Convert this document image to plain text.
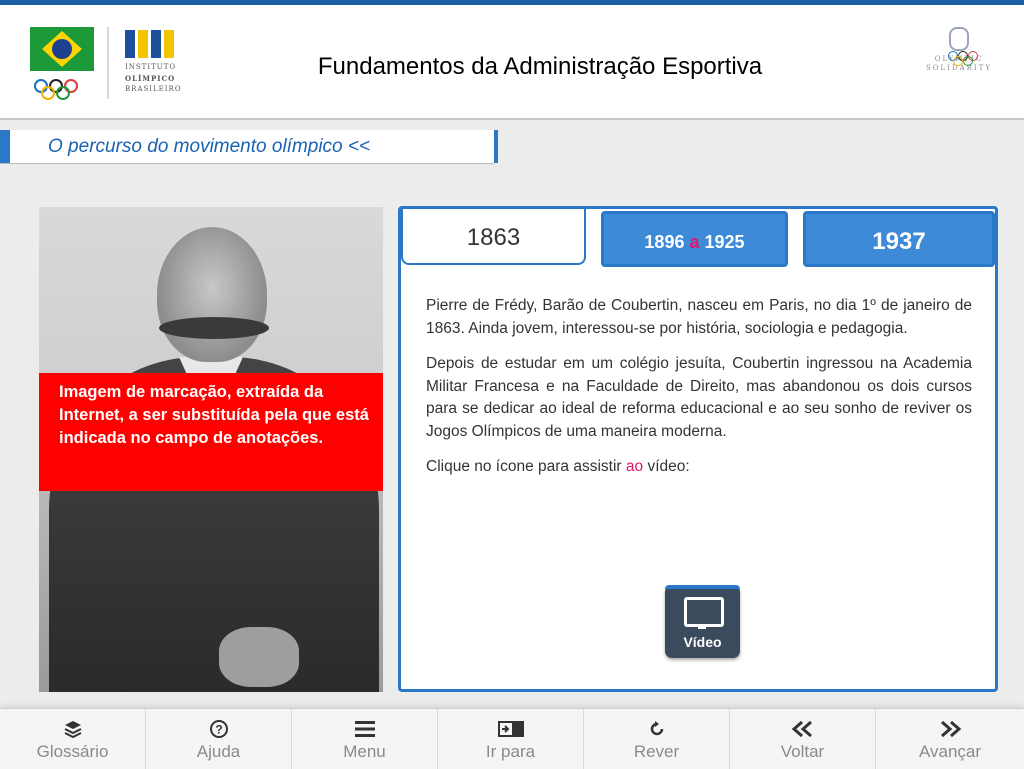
INSTITUTO
OLÍMPICO
BRASILEIRO
Fundamentos da Administração Esportiva	OLYMPIC
SOLIDARITY
O percurso do movimento olímpico <<
Imagem de marcação, extraída da Internet, a ser substituída pela que está indicada no campo de anotações.
1863	1896 a 1925	1937

Pierre de Frédy, Barão de Coubertin, nasceu em Paris, no dia 1º de janeiro de 1863. Ainda jovem, interessou-se por história, sociologia e pedagogia.

Depois de estudar em um colégio jesuíta, Coubertin ingressou na Academia Militar Francesa e na Faculdade de Direito, mas abandonou os dois cursos para se dedicar ao ideal de reforma educacional e ao seu sonho de reviver os Jogos Olímpicos de uma maneira moderna.

Clique no ícone para assistir ao vídeo:

Vídeo
Glossário
?
Ajuda	Menu	Ir para	Rever	Voltar	Avançar
